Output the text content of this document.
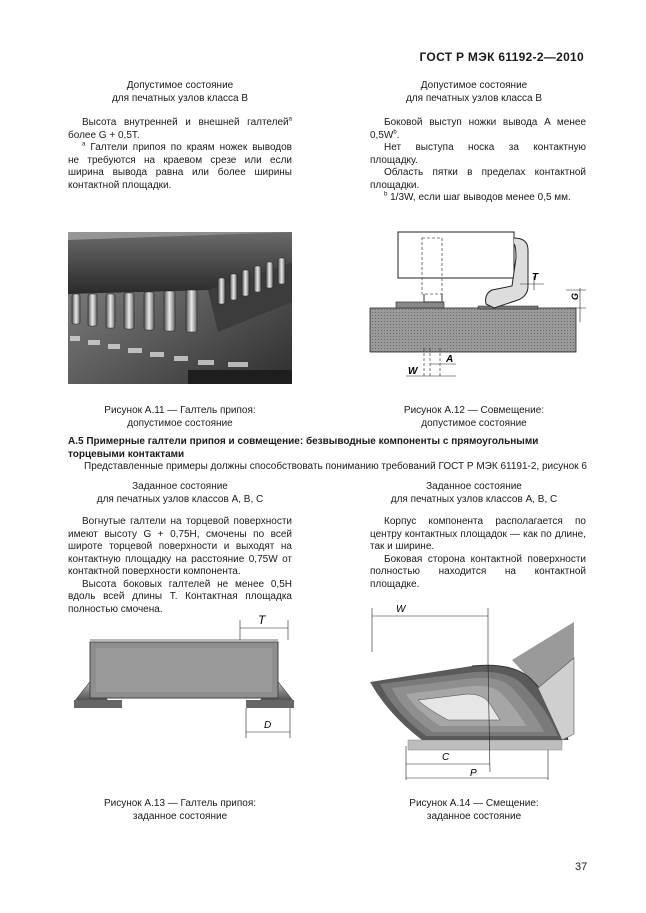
ГОСТ Р МЭК 61192-2—2010
Допустимое состояние
для печатных узлов класса В

Высота внутренней и внешней галтелей$^a$ более G + 0,5T.

$^a$ Галтели припоя по краям ножек выводов не требуются на краевом срезе или если ширина вывода равна или более ширины контактной площадки.

Рисунок А.11 — Галтель припоя:
допустимое состояние
Допустимое состояние
для печатных узлов класса В

Боковой выступ ножки вывода A менее $0,5W^b$.

Нет выступа носка за контактную площадку.

Область пятки в пределах контактной площадки.

$^b$ 1/3W, если шаг выводов менее 0,5 мм.

T
G
A
W
Рисунок А.12 — Совмещение:
допустимое состояние
А.5 Примерные галтели припоя и совмещение: безвыводные компоненты с прямоугольными торцевыми контактами
Представленные примеры должны способствовать пониманию требований ГОСТ Р МЭК 61191-2, рисунок 6
Заданное состояние
для печатных узлов классов А, В, С

Вогнутые галтели на торцевой поверхности имеют высоту G + 0,75H, смочены по всей широте торцевой поверхности и выходят на контактную площадку на расстояние 0,75W от контактной поверхности компонента.

Высота боковых галтелей не менее 0,5H вдоль всей длины T. Контактная площадка полностью смочена.

T
D
Рисунок А.13 — Галтель припоя:
заданное состояние
Заданное состояние
для печатных узлов классов А, В, С

Корпус компонента располагается по центру контактных площадок — как по длине, так и ширине.

Боковая сторона контактной поверхности полностью находится на контактной площадке.

W
C
P
Рисунок А.14 — Смещение:
заданное состояние
37
